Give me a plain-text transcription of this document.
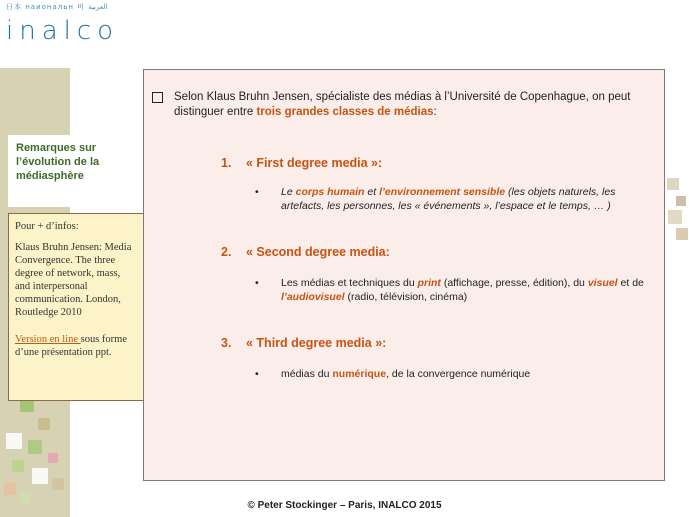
日本 наиональн 비 العربية
inalco
Remarques sur
l’évolution de la
médiasphère
Pour + d’infos:
Klaus Bruhn Jensen: Media Convergence. The three degree of network, mass, and interpersonal communication. London, Routledge 2010
Version en line sous forme d’une présentation ppt.
Selon Klaus Bruhn Jensen, spécialiste des médias à l’Université de Copenhague, on peut distinguer entre trois grandes classes de médias:
1. « First degree media »:
• Le corps humain et l’environnement sensible (les objets naturels, les artefacts, les personnes, les « événements », l’espace et le temps, … )
2. « Second degree media:
• Les médias et techniques du print (affichage, presse, édition), du visuel et de l’audiovisuel (radio, télévision, cinéma)
3. « Third degree media »:
• médias du numérique, de la convergence numérique
© Peter Stockinger – Paris, INALCO 2015
